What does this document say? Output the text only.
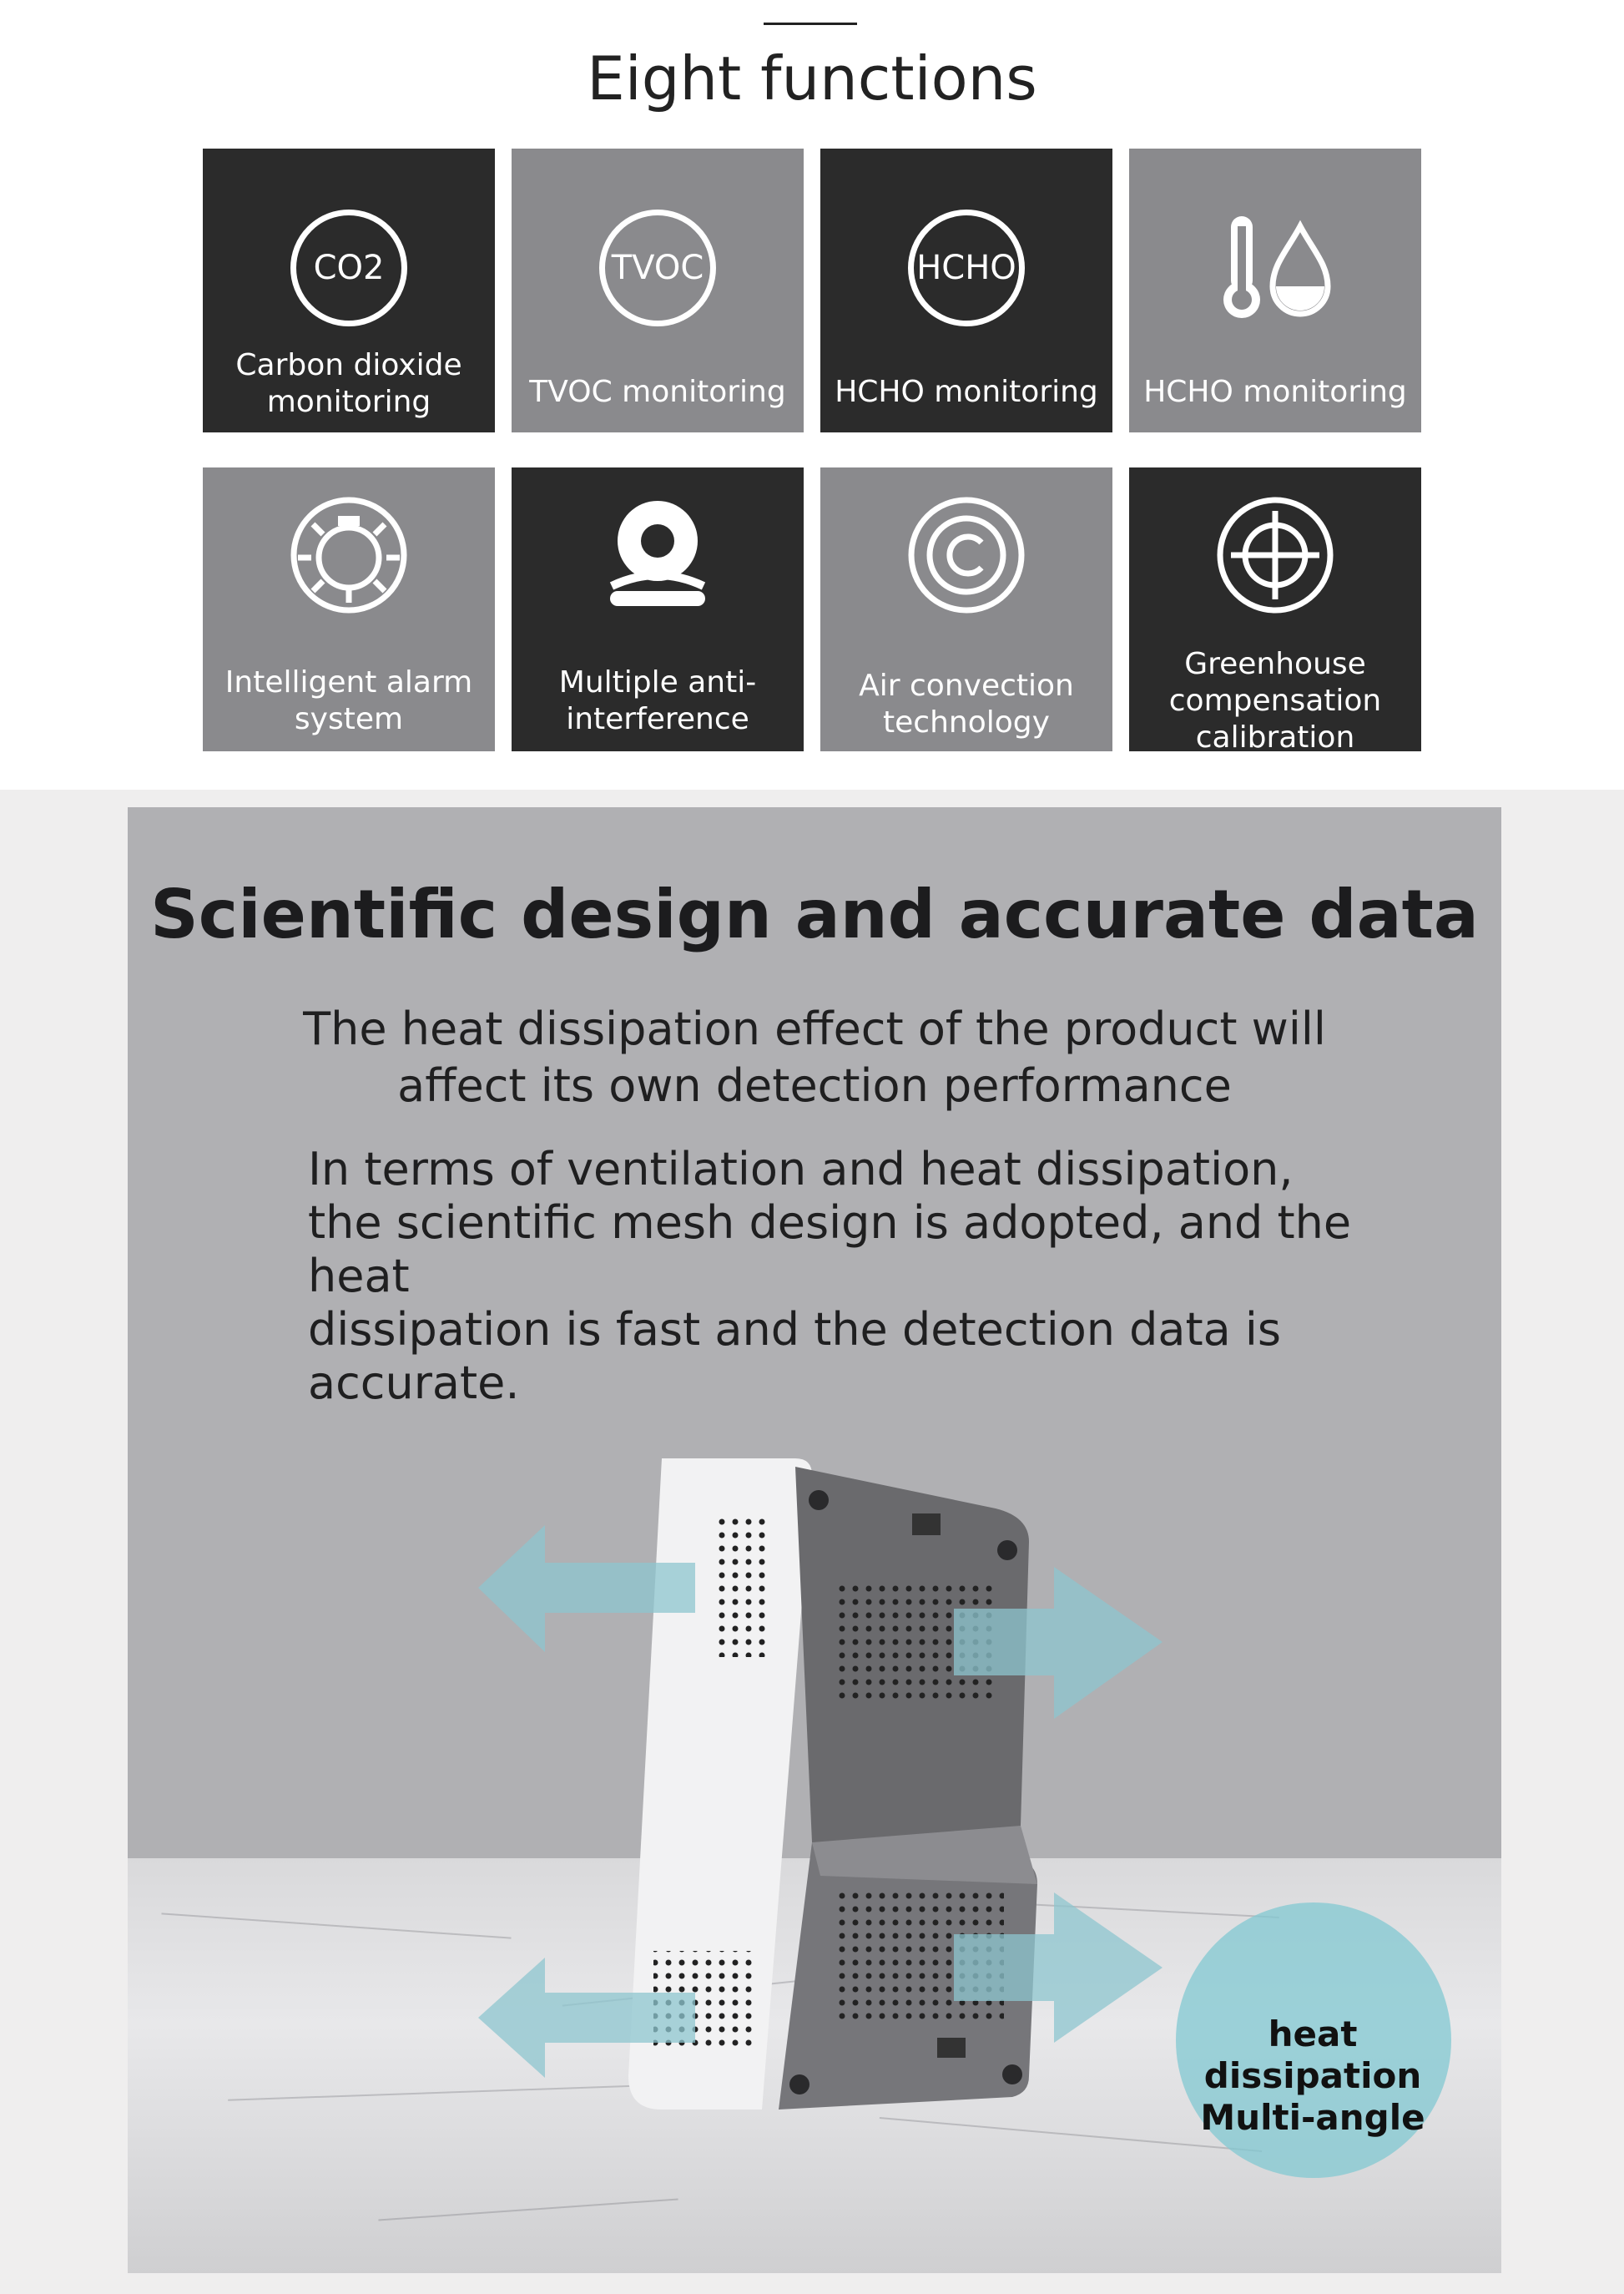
Eight functions
CO2
Carbon dioxide monitoring
TVOC
TVOC monitoring
HCHO
HCHO monitoring	HCHO monitoring
Intelligent alarm system
Multiple anti-interference
Air convection technology
Greenhouse compensation calibration
Scientific design and accurate data
The heat dissipation effect of the product will
affect its own detection performance
In terms of ventilation and heat dissipation,
the scientific mesh design is adopted, and the heat
dissipation is fast and the detection data is accurate.
heat dissipation
Multi-angle
